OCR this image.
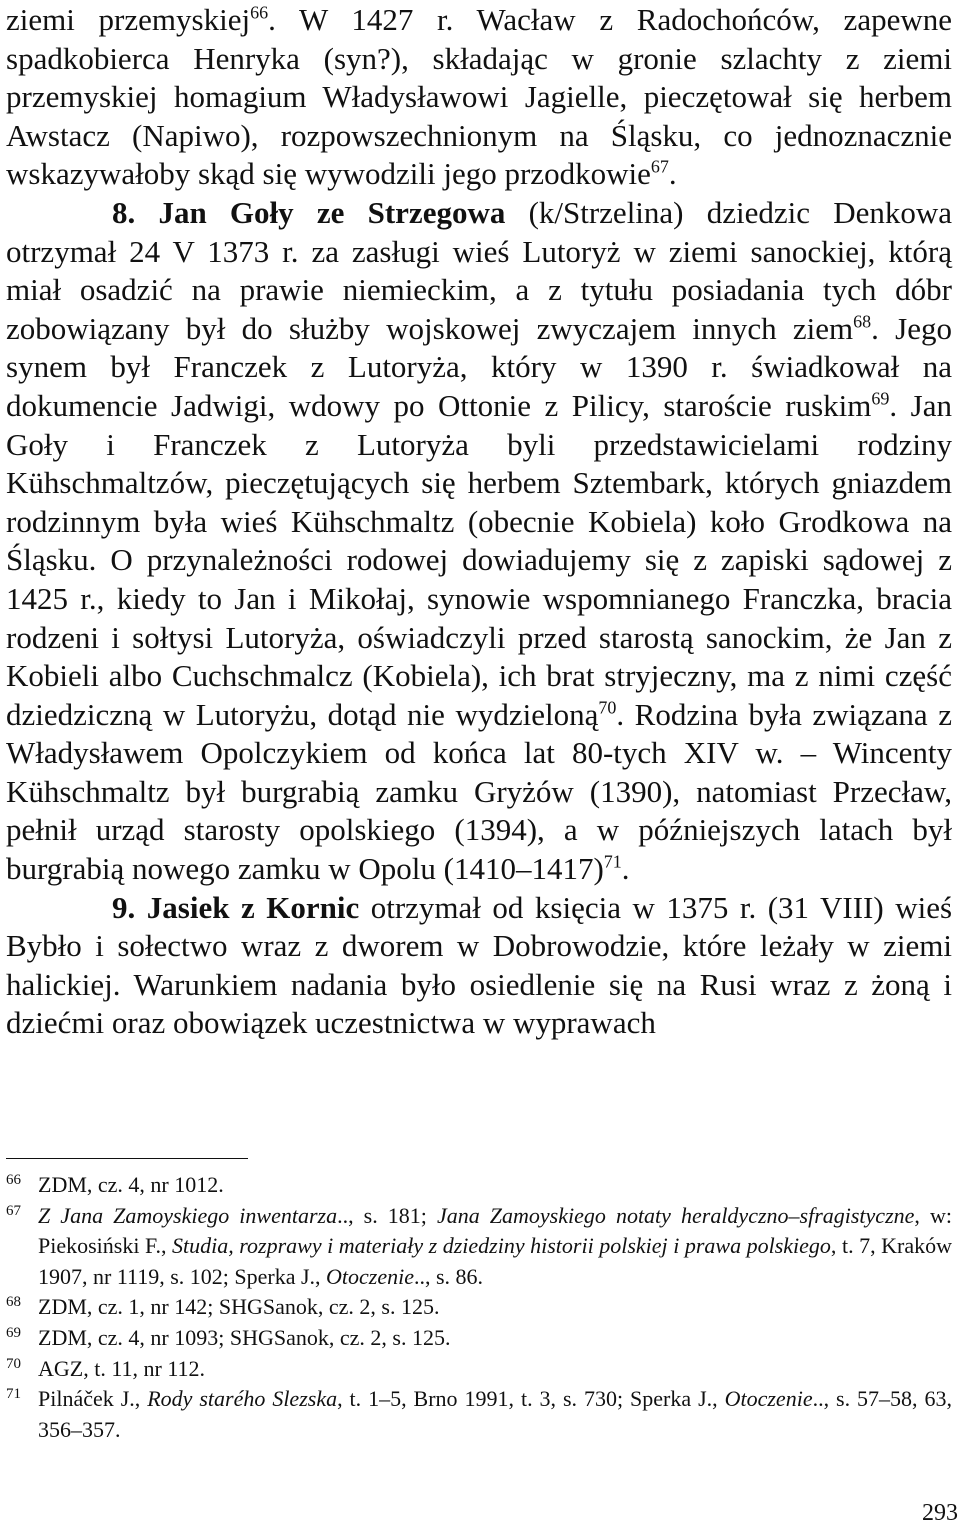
ziemi przemyskiej$^{66}$. W 1427 r. Wacław z Radochońców, zapewne spadkobierca Henryka (syn?), składając w gronie szlachty z ziemi przemyskiej homagium Władysławowi Jagielle, pieczętował się herbem Awstacz (Napiwo), rozpowszechnionym na Śląsku, co jednoznacznie wskazywałoby skąd się wywodzili jego przodkowie$^{67}$.

8. Jan Goły ze Strzegowa (k/Strzelina) dziedzic Denkowa otrzymał 24 V 1373 r. za zasługi wieś Lutoryż w ziemi sanockiej, którą miał osadzić na prawie niemieckim, a z tytułu posiadania tych dóbr zobowiązany był do służby wojskowej zwyczajem innych ziem$^{68}$. Jego synem był Franczek z Lutoryża, który w 1390 r. świadkował na dokumencie Jadwigi, wdowy po Ottonie z Pilicy, staroście ruskim$^{69}$. Jan Goły i Franczek z Lutoryża byli przedstawicielami rodziny Kühschmaltzów, pieczętujących się herbem Sztembark, których gniazdem rodzinnym była wieś Kühschmaltz (obecnie Kobiela) koło Grodkowa na Śląsku. O przynależności rodowej dowiadujemy się z zapiski sądowej z 1425 r., kiedy to Jan i Mikołaj, synowie wspomnianego Franczka, bracia rodzeni i sołtysi Lutoryża, oświadczyli przed starostą sanockim, że Jan z Kobieli albo Cuchschmalcz (Kobiela), ich brat stryjeczny, ma z nimi część dziedziczną w Lutoryżu, dotąd nie wydzieloną$^{70}$. Rodzina była związana z Władysławem Opolczykiem od końca lat 80-tych XIV w. – Wincenty Kühschmaltz był burgrabią zamku Gryżów (1390), natomiast Przecław, pełnił urząd starosty opolskiego (1394), a w późniejszych latach był burgrabią nowego zamku w Opolu (1410–1417)$^{71}$.

9. Jasiek z Kornic otrzymał od księcia w 1375 r. (31 VIII) wieś Bybło i sołectwo wraz z dworem w Dobrowodzie, które leżały w ziemi halickiej. Warunkiem nadania było osiedlenie się na Rusi wraz z żoną i dziećmi oraz obowiązek uczestnictwa w wyprawach

66 ZDM, cz. 4, nr 1012.
67 Z Jana Zamoyskiego inwentarza.., s. 181; Jana Zamoyskiego notaty heraldyczno–sfragistyczne, w: Piekosiński F., Studia, rozprawy i materiały z dziedziny historii polskiej i prawa polskiego, t. 7, Kraków 1907, nr 1119, s. 102; Sperka J., Otoczenie.., s. 86.
68 ZDM, cz. 1, nr 142; SHGSanok, cz. 2, s. 125.
69 ZDM, cz. 4, nr 1093; SHGSanok, cz. 2, s. 125.
70 AGZ, t. 11, nr 112.
71 Pilnáček J., Rody starého Slezska, t. 1–5, Brno 1991, t. 3, s. 730; Sperka J., Otoczenie.., s. 57–58, 63, 356–357.
293
